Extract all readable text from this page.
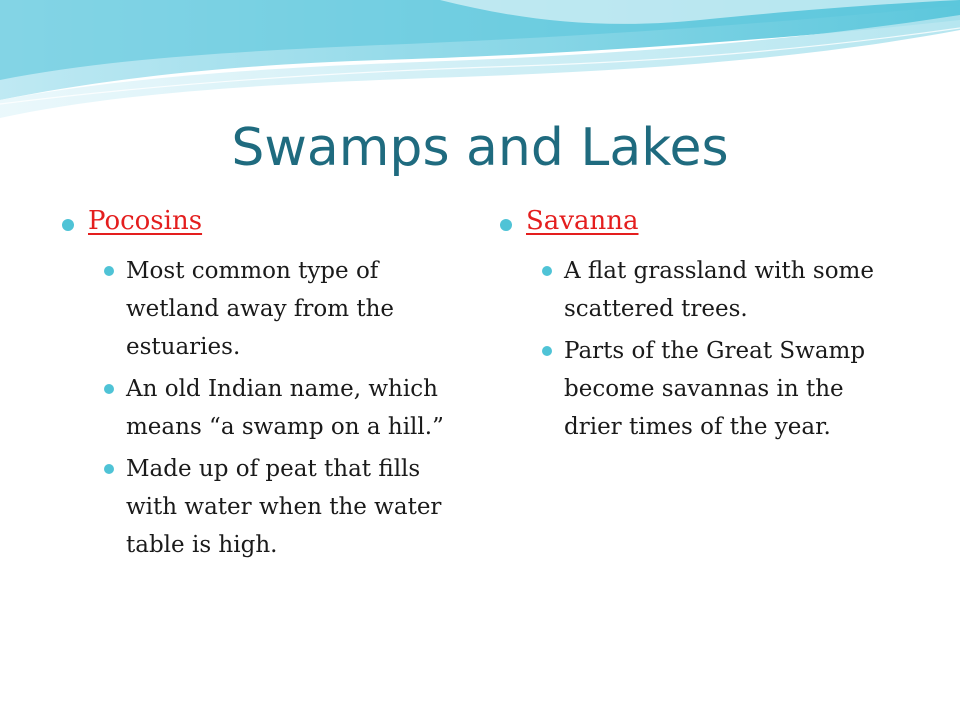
Swamps and Lakes
Pocosins
Most common type of wetland away from the estuaries.
An old Indian name, which means “a swamp on a hill.”
Made up of peat that fills with water when the water table is high.
Savanna
A flat grassland with some scattered trees.
Parts of the Great Swamp become savannas in the drier times of the year.
